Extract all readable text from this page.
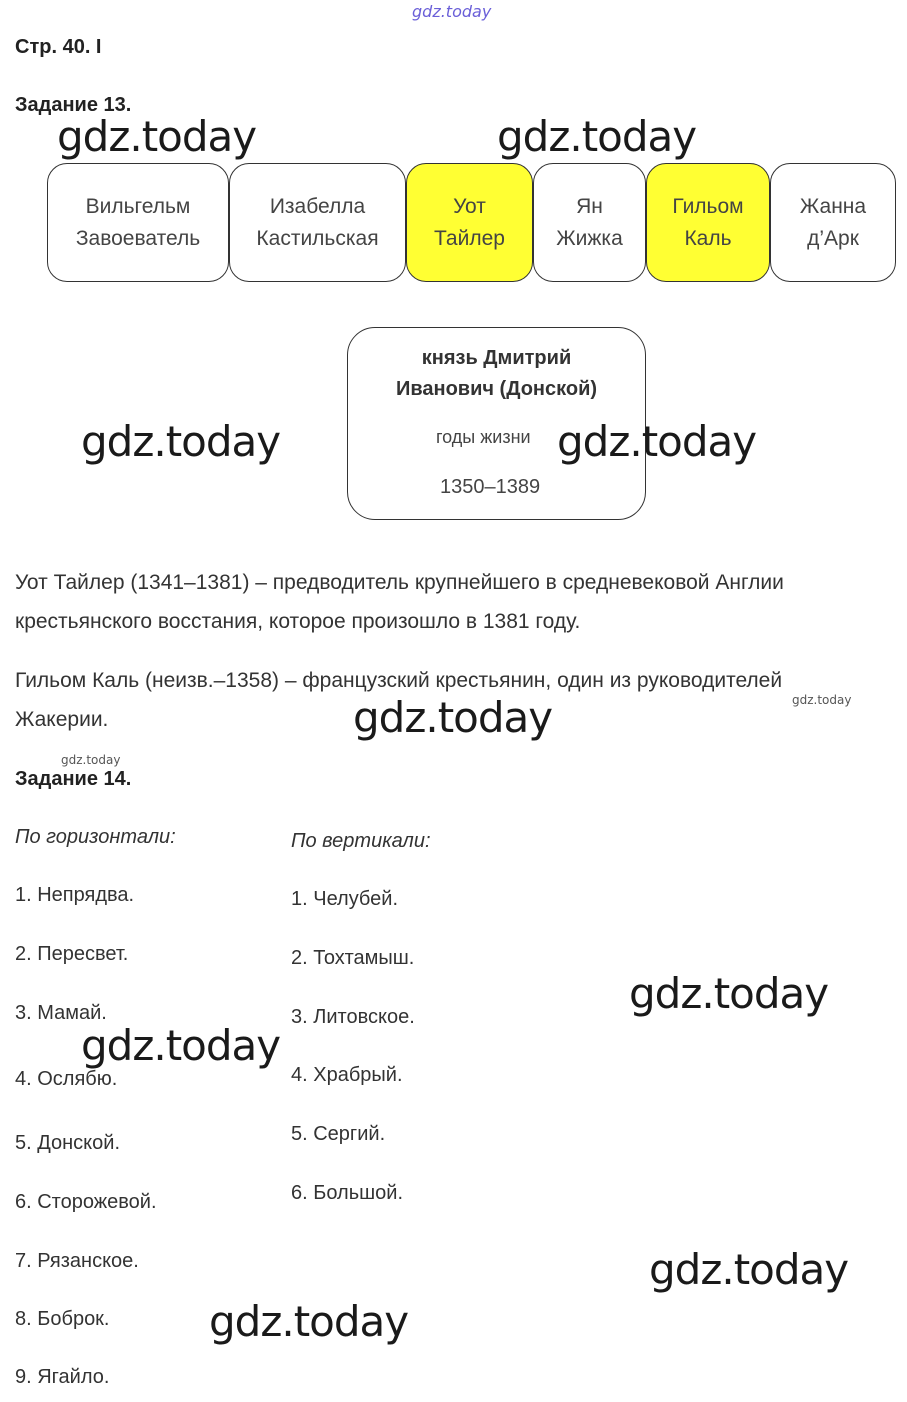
gdz.today
Стр. 40. I
Задание 13.
Вильгельм
Завоеватель
Изабелла
Кастильская
Уот
Тайлер
Ян
Жижка
Гильом
Каль
Жанна
д’Арк
князь Дмитрий
Иванович (Донской)
годы жизни
1350–1389
Уот Тайлер (1341–1381) – предводитель крупнейшего в средневековой Англии
крестьянского восстания, которое произошло в 1381 году.
Гильом Каль (неизв.–1358) – французский крестьянин, один из руководителей
Жакерии.
Задание 14.
По горизонтали:	По вертикали:
1. Непрядва.
2. Пересвет.
3. Мамай.
4. Ослябю.
5. Донской.
6. Сторожевой.
7. Рязанское.
8. Боброк.
9. Ягайло.
1. Челубей.
2. Тохтамыш.
3. Литовское.
4. Храбрый.
5. Сергий.
6. Большой.
gdz.today	gdz.today
gdz.today	gdz.today
gdz.today	gdz.today
gdz.today
gdz.today
gdz.today
gdz.today
gdz.today
